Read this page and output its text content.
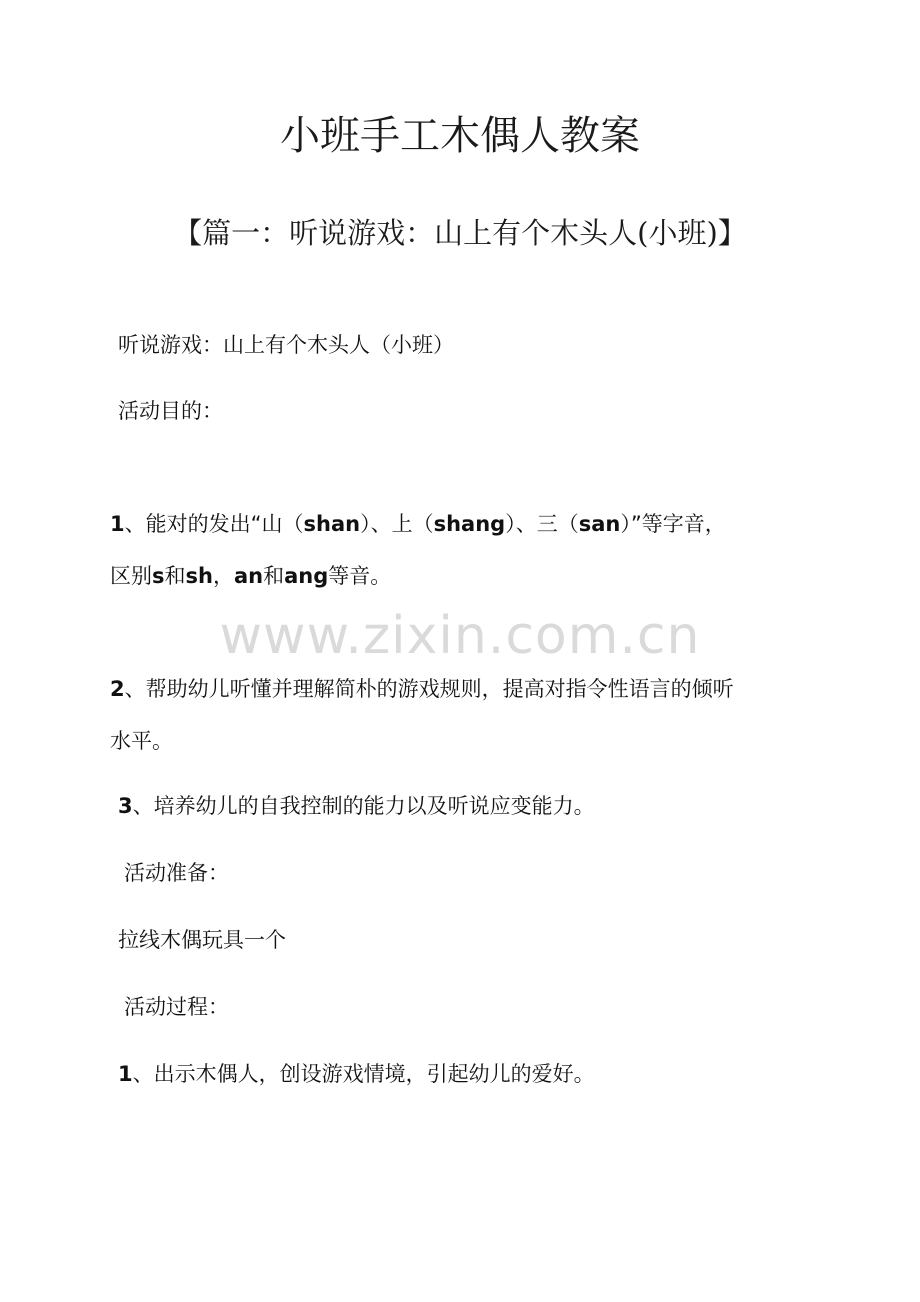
小班手工木偶人教案
【篇一：听说游戏：山上有个木头人(小班)】
听说游戏：山上有个木头人（小班）
活动目的：
1、能对的发出“山（shan）、上（shang）、三（san）”等字音，
区别s和sh，an和ang等音。
www.zixin.com.cn
2、帮助幼儿听懂并理解简朴的游戏规则，提高对指令性语言的倾听
水平。
3、培养幼儿的自我控制的能力以及听说应变能力。
活动准备：
拉线木偶玩具一个
活动过程：
1、出示木偶人，创设游戏情境，引起幼儿的爱好。
